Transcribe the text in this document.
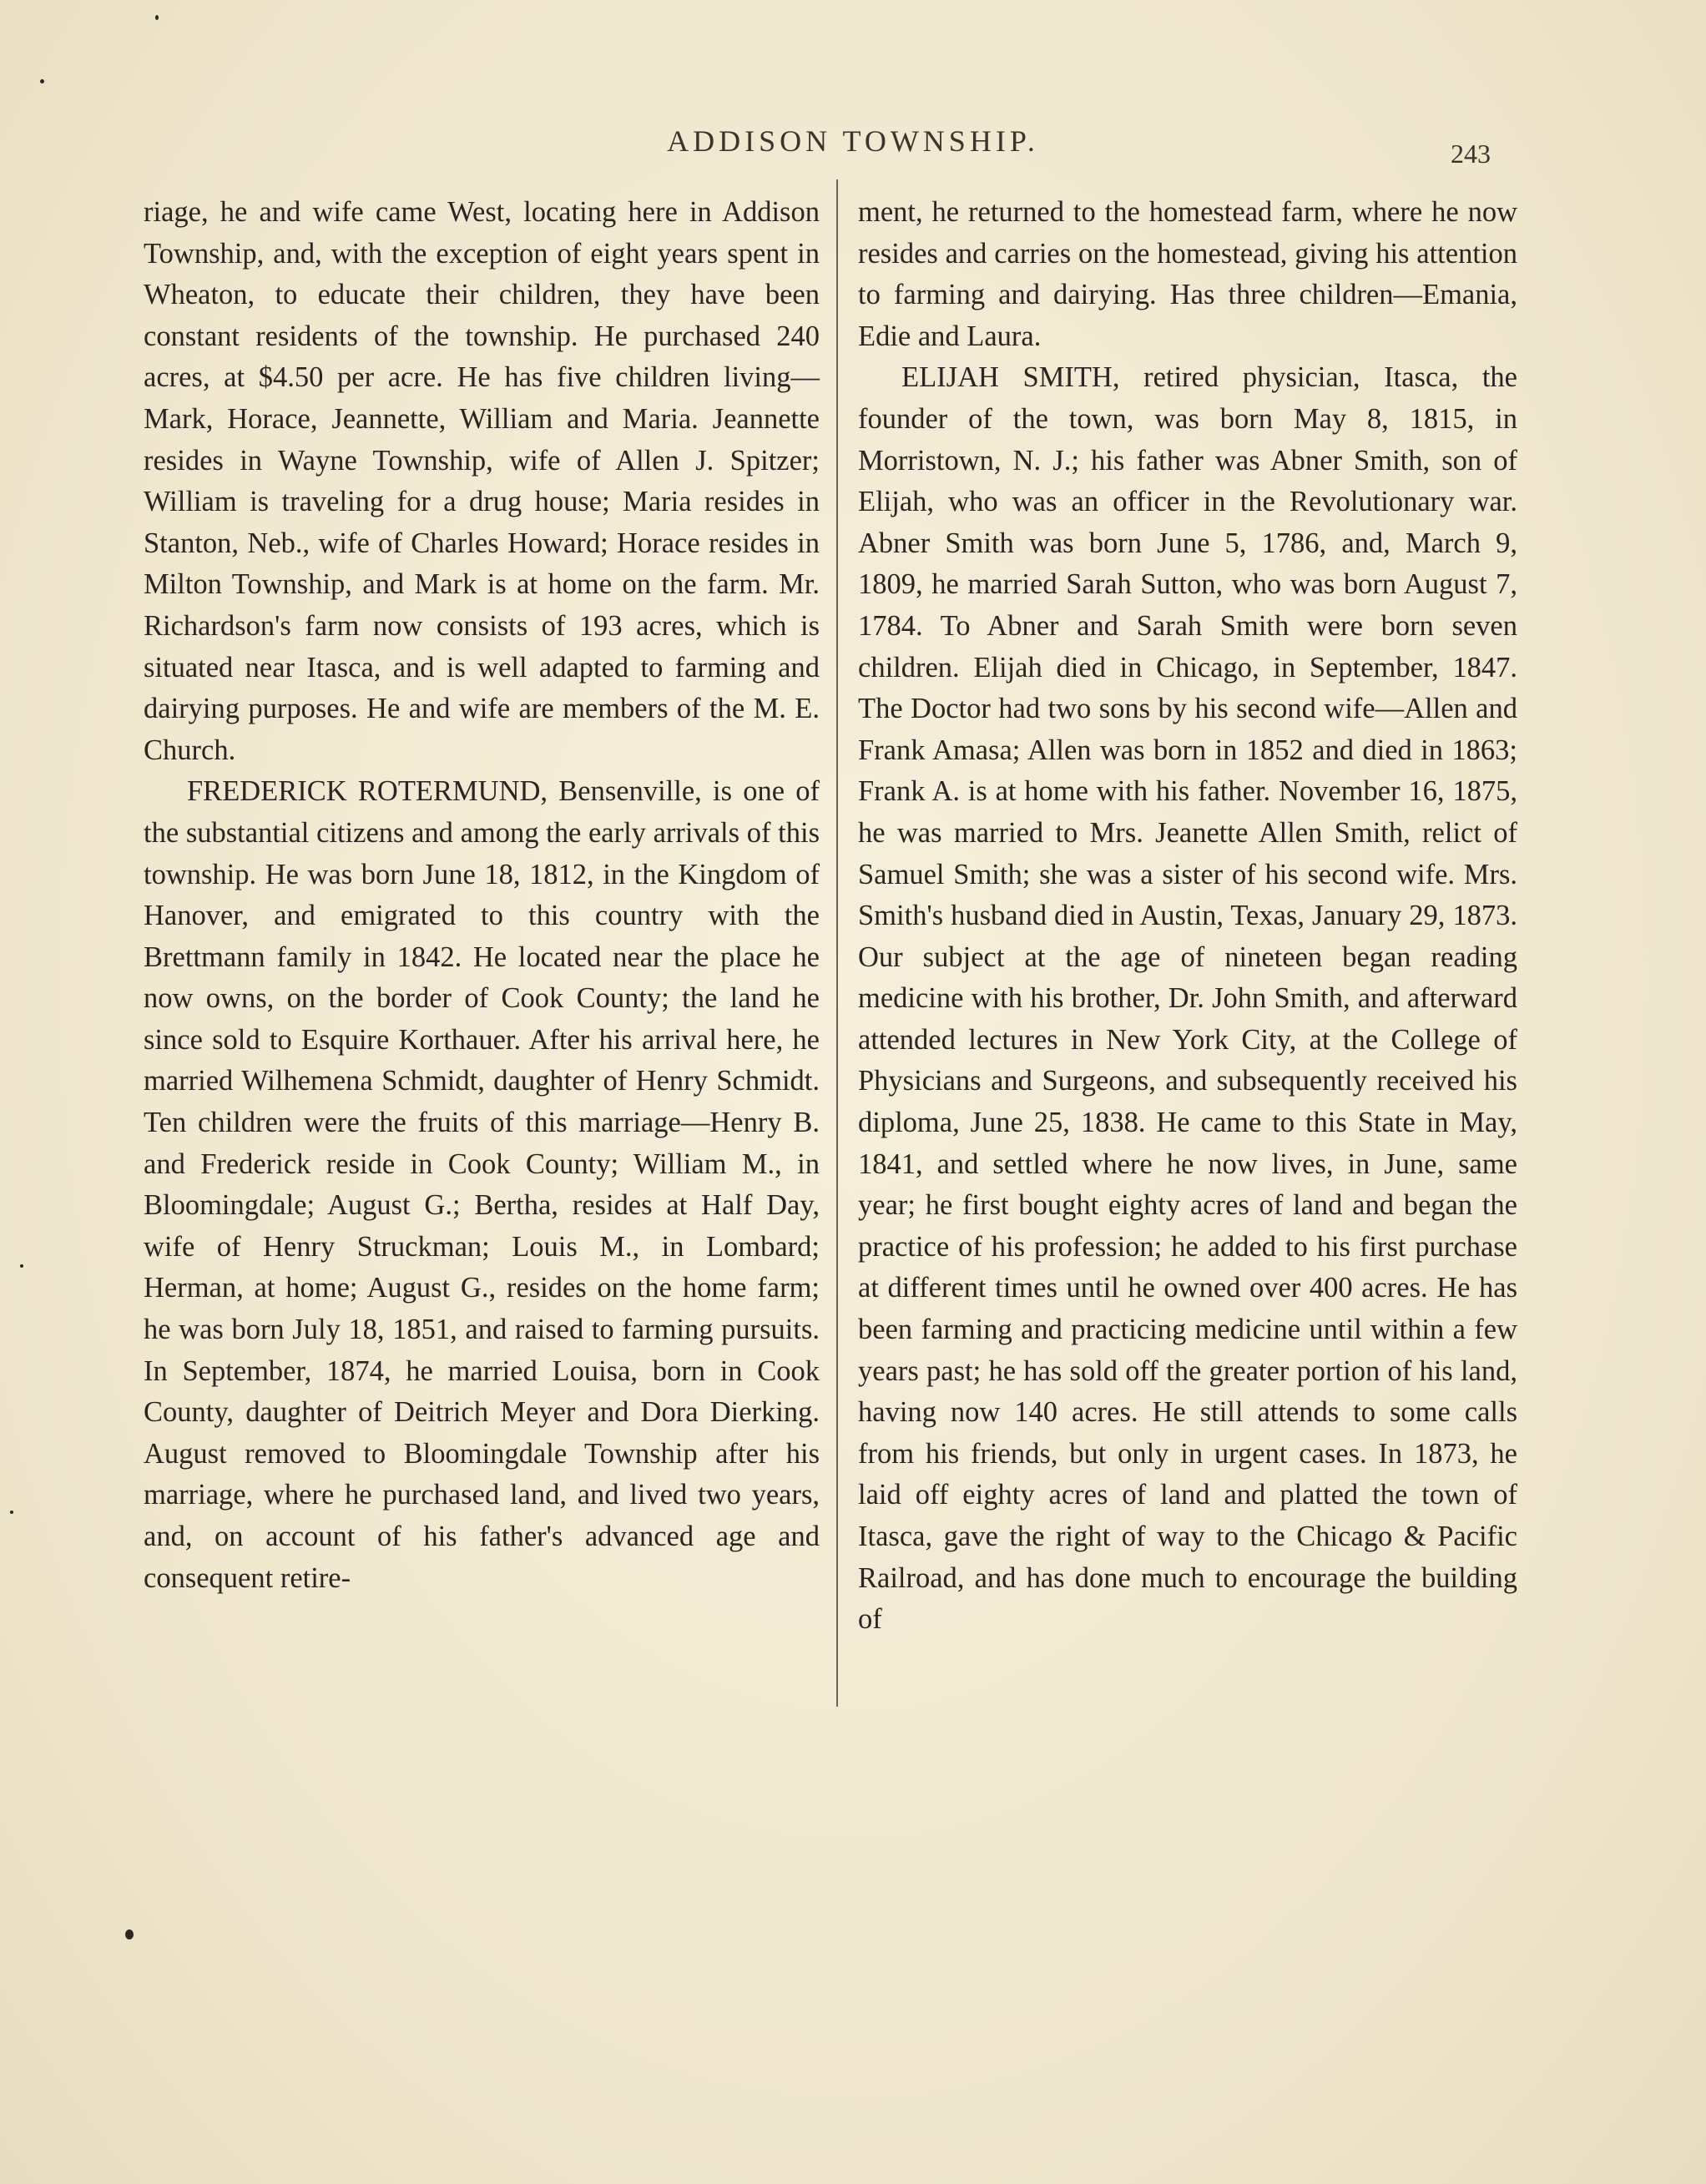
ADDISON TOWNSHIP.	243

riage, he and wife came West, locating here in Addison Township, and, with the exception of eight years spent in Wheaton, to educate their children, they have been constant residents of the township. He purchased 240 acres, at $4.50 per acre. He has five children living—Mark, Horace, Jeannette, William and Maria. Jeannette resides in Wayne Township, wife of Allen J. Spitzer; William is traveling for a drug house; Maria resides in Stanton, Neb., wife of Charles Howard; Horace resides in Milton Township, and Mark is at home on the farm. Mr. Richardson's farm now consists of 193 acres, which is situated near Itasca, and is well adapted to farming and dairying purposes. He and wife are members of the M. E. Church.

FREDERICK ROTERMUND, Bensenville, is one of the substantial citizens and among the early arrivals of this township. He was born June 18, 1812, in the Kingdom of Hanover, and emigrated to this country with the Brettmann family in 1842. He located near the place he now owns, on the border of Cook County; the land he since sold to Esquire Korthauer. After his arrival here, he married Wilhemena Schmidt, daughter of Henry Schmidt. Ten children were the fruits of this marriage—Henry B. and Frederick reside in Cook County; William M., in Bloomingdale; August G.; Bertha, resides at Half Day, wife of Henry Struckman; Louis M., in Lombard; Herman, at home; August G., resides on the home farm; he was born July 18, 1851, and raised to farming pursuits. In September, 1874, he married Louisa, born in Cook County, daughter of Deitrich Meyer and Dora Dierking. August removed to Bloomingdale Township after his marriage, where he purchased land, and lived two years, and, on account of his father's advanced age and consequent retire-

ment, he returned to the homestead farm, where he now resides and carries on the homestead, giving his attention to farming and dairying. Has three children—Emania, Edie and Laura.

ELIJAH SMITH, retired physician, Itasca, the founder of the town, was born May 8, 1815, in Morristown, N. J.; his father was Abner Smith, son of Elijah, who was an officer in the Revolutionary war. Abner Smith was born June 5, 1786, and, March 9, 1809, he married Sarah Sutton, who was born August 7, 1784. To Abner and Sarah Smith were born seven children. Elijah died in Chicago, in September, 1847. The Doctor had two sons by his second wife—Allen and Frank Amasa; Allen was born in 1852 and died in 1863; Frank A. is at home with his father. November 16, 1875, he was married to Mrs. Jeanette Allen Smith, relict of Samuel Smith; she was a sister of his second wife. Mrs. Smith's husband died in Austin, Texas, January 29, 1873. Our subject at the age of nineteen began reading medicine with his brother, Dr. John Smith, and afterward attended lectures in New York City, at the College of Physicians and Surgeons, and subsequently received his diploma, June 25, 1838. He came to this State in May, 1841, and settled where he now lives, in June, same year; he first bought eighty acres of land and began the practice of his profession; he added to his first purchase at different times until he owned over 400 acres. He has been farming and practicing medicine until within a few years past; he has sold off the greater portion of his land, having now 140 acres. He still attends to some calls from his friends, but only in urgent cases. In 1873, he laid off eighty acres of land and platted the town of Itasca, gave the right of way to the Chicago & Pacific Railroad, and has done much to encourage the building of
